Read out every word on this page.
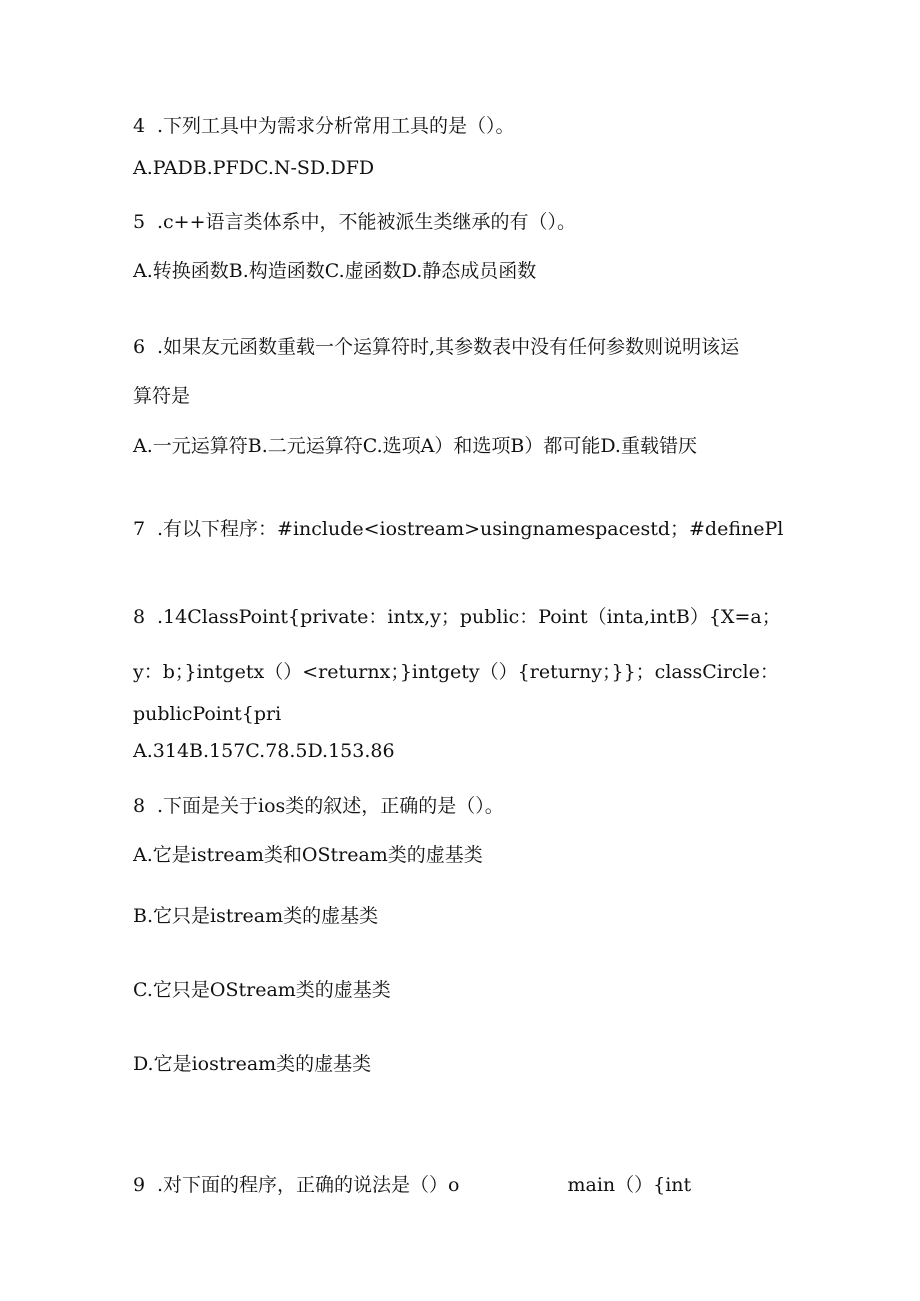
4 .下列工具中为需求分析常用工具的是（）。

A.PADB.PFDC.N-SD.DFD

5 .c++语言类体系中，不能被派生类继承的有（）。

A.转换函数B.构造函数C.虚函数D.静态成员函数

6 .如果友元函数重载一个运算符时,其参数表中没有任何参数则说明该运

算符是

A.一元运算符B.二元运算符C.选项A）和选项B）都可能D.重载错厌

7 .有以下程序：#include<iostream>usingnamespacestd；#definePl

8 .14ClassPoint{private：intx,y；public：Point（inta,intB）{X=a；

y：b；}intgetx（）<returnx；}intgety（）{returny；}}；classCircle：

publicPoint{pri

A.314B.157C.78.5D.153.86

8 .下面是关于ios类的叙述，正确的是（）。

A.它是istream类和OStream类的虚基类

B.它只是istream类的虚基类

C.它只是OStream类的虚基类

D.它是iostream类的虚基类

9 .对下面的程序，正确的说法是（）o	main（）{int
